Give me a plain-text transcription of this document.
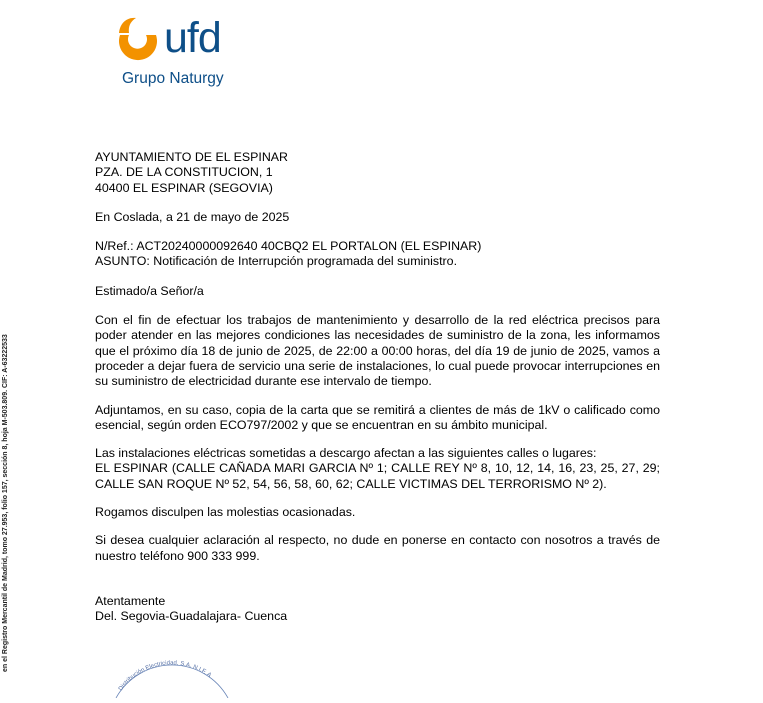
ufd
Grupo Naturgy
en el Registro Mercantil de Madrid, tomo 27.953, folio 157, sección 8, hoja M-503.809. CIF: A-63222533
AYUNTAMIENTO DE EL ESPINAR
PZA. DE LA CONSTITUCION, 1
40400 EL ESPINAR (SEGOVIA)
En Coslada, a 21 de mayo de 2025
N/Ref.: ACT20240000092640 40CBQ2 EL PORTALON (EL ESPINAR)
ASUNTO: Notificación de Interrupción programada del suministro.
Estimado/a Señor/a

Con el fin de efectuar los trabajos de mantenimiento y desarrollo de la red eléctrica precisos para poder atender en las mejores condiciones las necesidades de suministro de la zona, les informamos que el próximo día 18 de junio de 2025, de 22:00 a 00:00 horas, del día 19 de junio de 2025, vamos a proceder a dejar fuera de servicio una serie de instalaciones, lo cual puede provocar interrupciones en su suministro de electricidad durante ese intervalo de tiempo.

Adjuntamos, en su caso, copia de la carta que se remitirá a clientes de más de 1kV o calificado como esencial, según orden ECO797/2002 y que se encuentran en su ámbito municipal.

Las instalaciones eléctricas sometidas a descargo afectan a las siguientes calles o lugares:

EL ESPINAR (CALLE CAÑADA MARI GARCIA Nº 1; CALLE REY Nº 8, 10, 12, 14, 16, 23, 25, 27, 29; CALLE SAN ROQUE Nº 52, 54, 56, 58, 60, 62; CALLE VICTIMAS DEL TERRORISMO Nº 2).

Rogamos disculpen las molestias ocasionadas.

Si desea cualquier aclaración al respecto, no dude en ponerse en contacto con nosotros a través de nuestro teléfono 900 333 999.

Atentamente
Del. Segovia-Guadalajara- Cuenca
Distribución Electricidad, S.A. N.I.F. A
